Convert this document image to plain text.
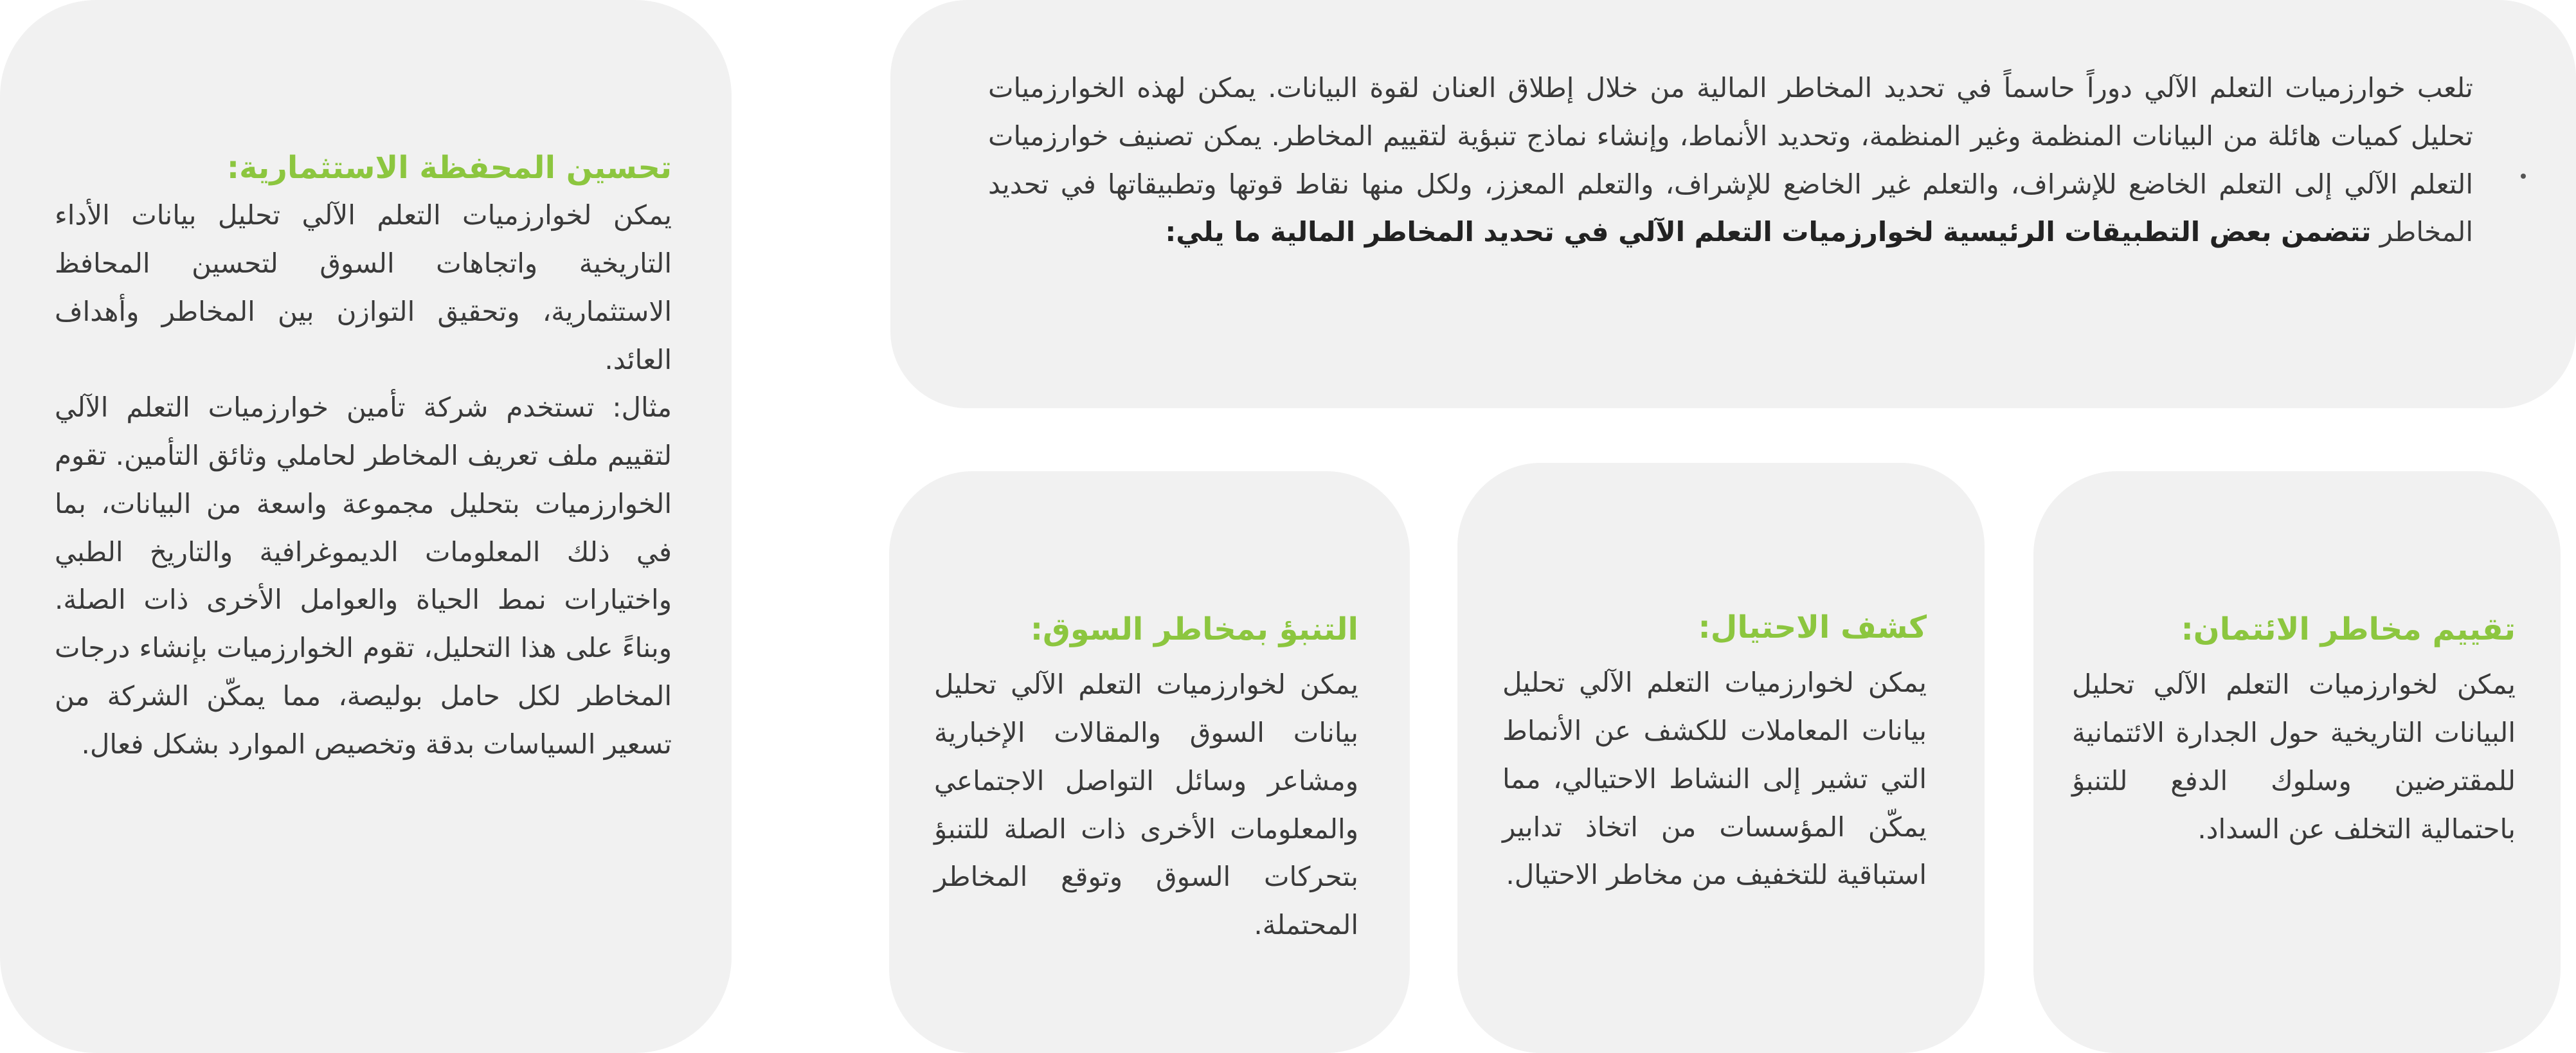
تلعب خوارزميات التعلم الآلي دوراً حاسماً في تحديد المخاطر المالية من خلال إطلاق العنان لقوة البيانات. يمكن لهذه الخوارزميات تحليل كميات هائلة من البيانات المنظمة وغير المنظمة، وتحديد الأنماط، وإنشاء نماذج تنبؤية لتقييم المخاطر. يمكن تصنيف خوارزميات التعلم الآلي إلى التعلم الخاضع للإشراف، والتعلم غير الخاضع للإشراف، والتعلم المعزز، ولكل منها نقاط قوتها وتطبيقاتها في تحديد المخاطر تتضمن بعض التطبيقات الرئيسية لخوارزميات التعلم الآلي في تحديد المخاطر المالية ما يلي:

تحسين المحفظة الاستثمارية:

يمكن لخوارزميات التعلم الآلي تحليل بيانات الأداء التاريخية واتجاهات السوق لتحسين المحافظ الاستثمارية، وتحقيق التوازن بين المخاطر وأهداف العائد.

مثال: تستخدم شركة تأمين خوارزميات التعلم الآلي لتقييم ملف تعريف المخاطر لحاملي وثائق التأمين. تقوم الخوارزميات بتحليل مجموعة واسعة من البيانات، بما في ذلك المعلومات الديموغرافية والتاريخ الطبي واختيارات نمط الحياة والعوامل الأخرى ذات الصلة. وبناءً على هذا التحليل، تقوم الخوارزميات بإنشاء درجات المخاطر لكل حامل بوليصة، مما يمكّن الشركة من تسعير السياسات بدقة وتخصيص الموارد بشكل فعال.

تقييم مخاطر الائتمان:

يمكن لخوارزميات التعلم الآلي تحليل البيانات التاريخية حول الجدارة الائتمانية للمقترضين وسلوك الدفع للتنبؤ باحتمالية التخلف عن السداد.

كشف الاحتيال:

يمكن لخوارزميات التعلم الآلي تحليل بيانات المعاملات للكشف عن الأنماط التي تشير إلى النشاط الاحتيالي، مما يمكّن المؤسسات من اتخاذ تدابير استباقية للتخفيف من مخاطر الاحتيال.

التنبؤ بمخاطر السوق:

يمكن لخوارزميات التعلم الآلي تحليل بيانات السوق والمقالات الإخبارية ومشاعر وسائل التواصل الاجتماعي والمعلومات الأخرى ذات الصلة للتنبؤ بتحركات السوق وتوقع المخاطر المحتملة.
